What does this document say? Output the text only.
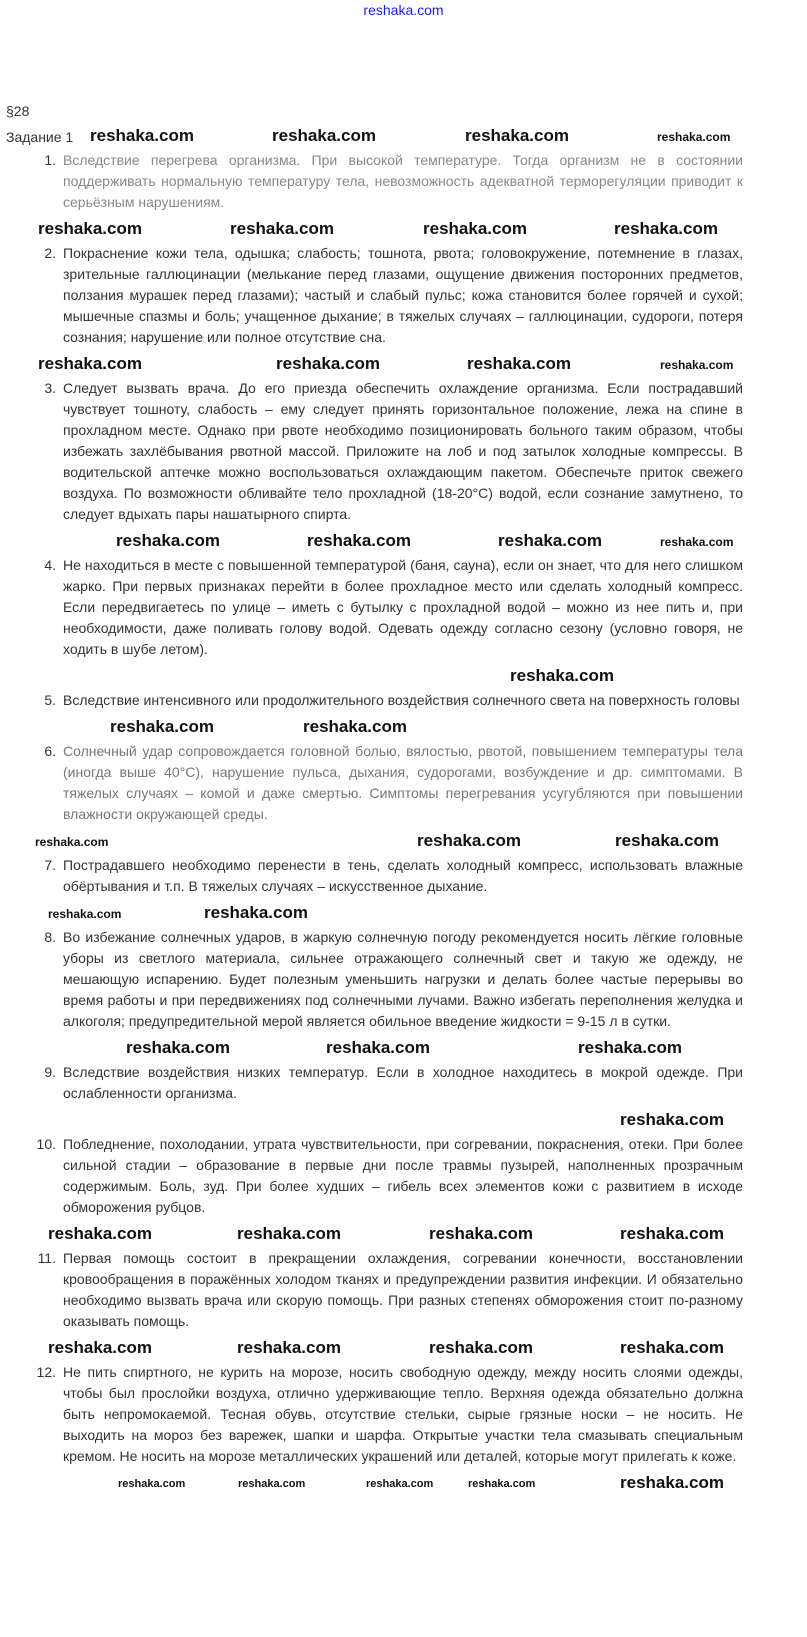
reshaka.com
§28
Задание 1 reshaka.com	reshaka.com	reshaka.com	reshaka.com
1. Вследствие перегрева организма. При высокой температуре. Тогда организм не в состоянии поддерживать нормальную температуру тела, невозможность адекватной терморегуляции приводит к серьёзным нарушениям.
reshaka.com	reshaka.com	reshaka.com	reshaka.com
2. Покраснение кожи тела, одышка; слабость; тошнота, рвота; головокружение, потемнение в глазах, зрительные галлюцинации (мелькание перед глазами, ощущение движения посторонних предметов, ползания мурашек перед глазами); частый и слабый пульс; кожа становится более горячей и сухой; мышечные спазмы и боль; учащенное дыхание; в тяжелых случаях – галлюцинации, судороги, потеря сознания; нарушение или полное отсутствие сна.
reshaka.com	reshaka.com	reshaka.com	reshaka.com
3. Следует вызвать врача. До его приезда обеспечить охлаждение организма. Если пострадавший чувствует тошноту, слабость – ему следует принять горизонтальное положение, лежа на спине в прохладном месте. Однако при рвоте необходимо позиционировать больного таким образом, чтобы избежать захлёбывания рвотной массой. Приложите на лоб и под затылок холодные компрессы. В водительской аптечке можно воспользоваться охлаждающим пакетом. Обеспечьте приток свежего воздуха. По возможности обливайте тело прохладной (18-20°С) водой, если сознание замутнено, то следует вдыхать пары нашатырного спирта.
reshaka.com	reshaka.com	reshaka.com	reshaka.com
4. Не находиться в месте с повышенной температурой (баня, сауна), если он знает, что для него слишком жарко. При первых признаках перейти в более прохладное место или сделать холодный компресс. Если передвигаетесь по улице – иметь с бутылку с прохладной водой – можно из нее пить и, при необходимости, даже поливать голову водой. Одевать одежду согласно сезону (условно говоря, не ходить в шубе летом).
reshaka.com
5. Вследствие интенсивного или продолжительного воздействия солнечного света на поверхность головы
reshaka.com	reshaka.com
6. Солнечный удар сопровождается головной болью, вялостью, рвотой, повышением температуры тела (иногда выше 40°С), нарушение пульса, дыхания, судорогами, возбуждение и др. симптомами. В тяжелых случаях – комой и даже смертью. Симптомы перегревания усугубляются при повышении влажности окружающей среды.
reshaka.com	reshaka.com	reshaka.com
7. Пострадавшего необходимо перенести в тень, сделать холодный компресс, использовать влажные обёртывания и т.п. В тяжелых случаях – искусственное дыхание.
reshaka.com	reshaka.com
8. Во избежание солнечных ударов, в жаркую солнечную погоду рекомендуется носить лёгкие головные уборы из светлого материала, сильнее отражающего солнечный свет и такую же одежду, не мешающую испарению. Будет полезным уменьшить нагрузки и делать более частые перерывы во время работы и при передвижениях под солнечными лучами. Важно избегать переполнения желудка и алкоголя; предупредительной мерой является обильное введение жидкости = 9-15 л в сутки.
reshaka.com	reshaka.com	reshaka.com
9. Вследствие воздействия низких температур. Если в холодное находитесь в мокрой одежде. При ослабленности организма.
reshaka.com
10. Побледнение, похолодании, утрата чувствительности, при согревании, покраснения, отеки. При более сильной стадии – образование в первые дни после травмы пузырей, наполненных прозрачным содержимым. Боль, зуд. При более худших – гибель всех элементов кожи с развитием в исходе обморожения рубцов.
reshaka.com	reshaka.com	reshaka.com	reshaka.com
11. Первая помощь состоит в прекращении охлаждения, согревании конечности, восстановлении кровообращения в поражённых холодом тканях и предупреждении развития инфекции. И обязательно необходимо вызвать врача или скорую помощь. При разных степенях обморожения стоит по-разному оказывать помощь.
reshaka.com	reshaka.com	reshaka.com	reshaka.com
12. Не пить спиртного, не курить на морозе, носить свободную одежду, между носить слоями одежды, чтобы был прослойки воздуха, отлично удерживающие тепло. Верхняя одежда обязательно должна быть непромокаемой. Тесная обувь, отсутствие стельки, сырые грязные носки – не носить. Не выходить на мороз без варежек, шапки и шарфа. Открытые участки тела смазывать специальным кремом. Не носить на морозе металлических украшений или деталей, которые могут прилегать к коже.
reshaka.com	reshaka.com	reshaka.com	reshaka.com	reshaka.com
